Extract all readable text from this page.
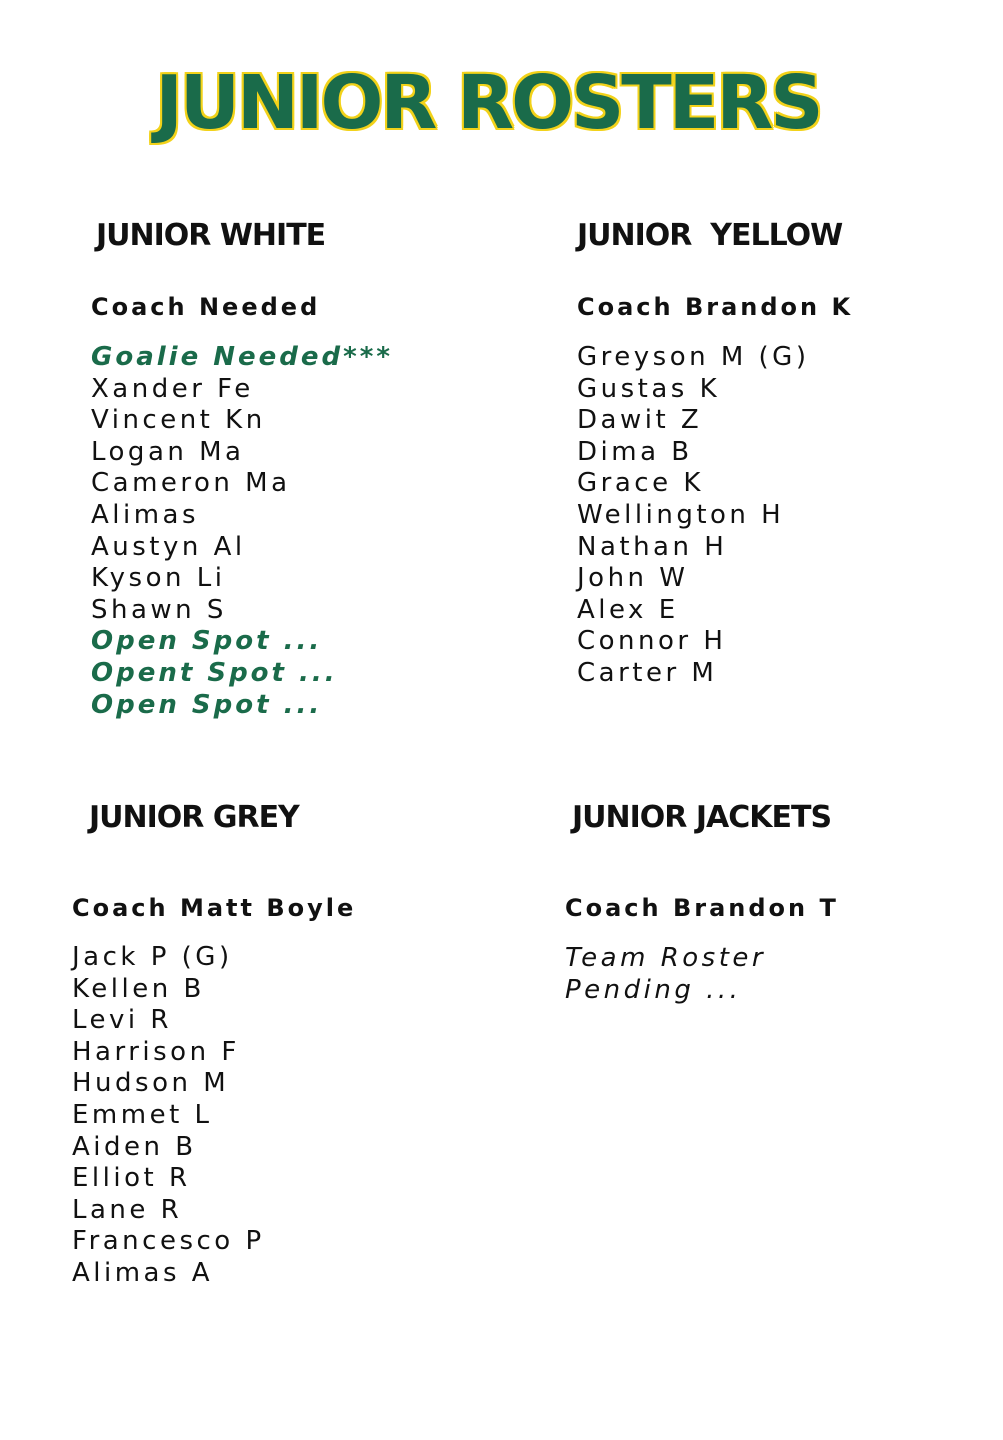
JUNIOR ROSTERS
JUNIOR WHITE
Coach Needed
Goalie Needed***
Xander Fe
Vincent Kn
Logan Ma
Cameron Ma
Alimas
Austyn Al
Kyson Li
Shawn S
Open Spot ...
Opent Spot ...
Open Spot ...
JUNIOR  YELLOW
Coach Brandon K
Greyson M (G)
Gustas K
Dawit Z
Dima B
Grace K
Wellington H
Nathan H
John W
Alex E
Connor H
Carter M
JUNIOR GREY
Coach Matt Boyle
Jack P (G)
Kellen B
Levi R
Harrison F
Hudson M
Emmet L
Aiden B
Elliot R
Lane R
Francesco P
Alimas A
JUNIOR JACKETS
Coach Brandon T
Team Roster
Pending ...
